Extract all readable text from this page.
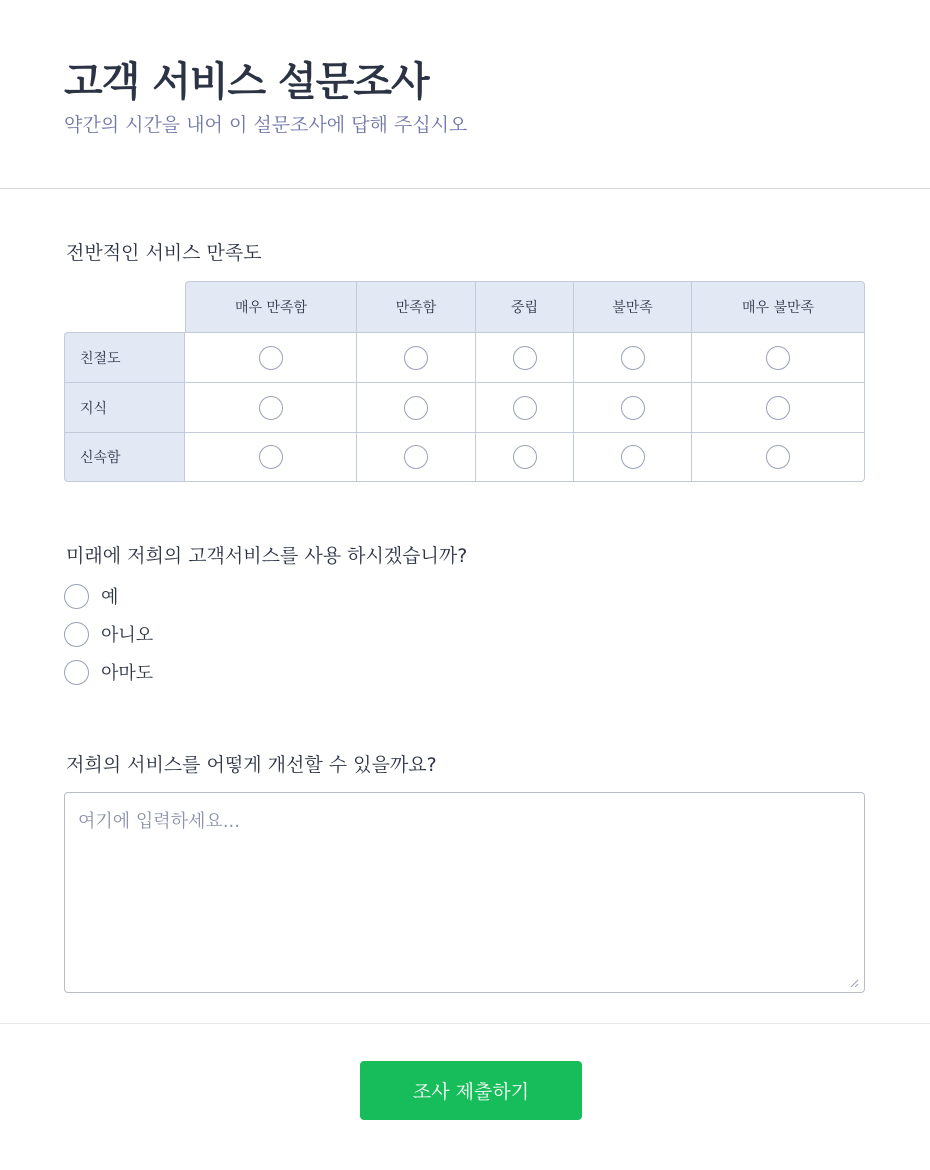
고객 서비스 설문조사

약간의 시간을 내어 이 설문조사에 답해 주십시오

전반적인 서비스 만족도
	매우 만족함	만족함	중립	불만족	매우 불만족
친절도					
지식					
신속함					
미래에 저희의 고객서비스를 사용 하시겠습니까?
예
아니오
아마도
저희의 서비스를 어떻게 개선할 수 있을까요?
여기에 입력하세요...
조사 제출하기
